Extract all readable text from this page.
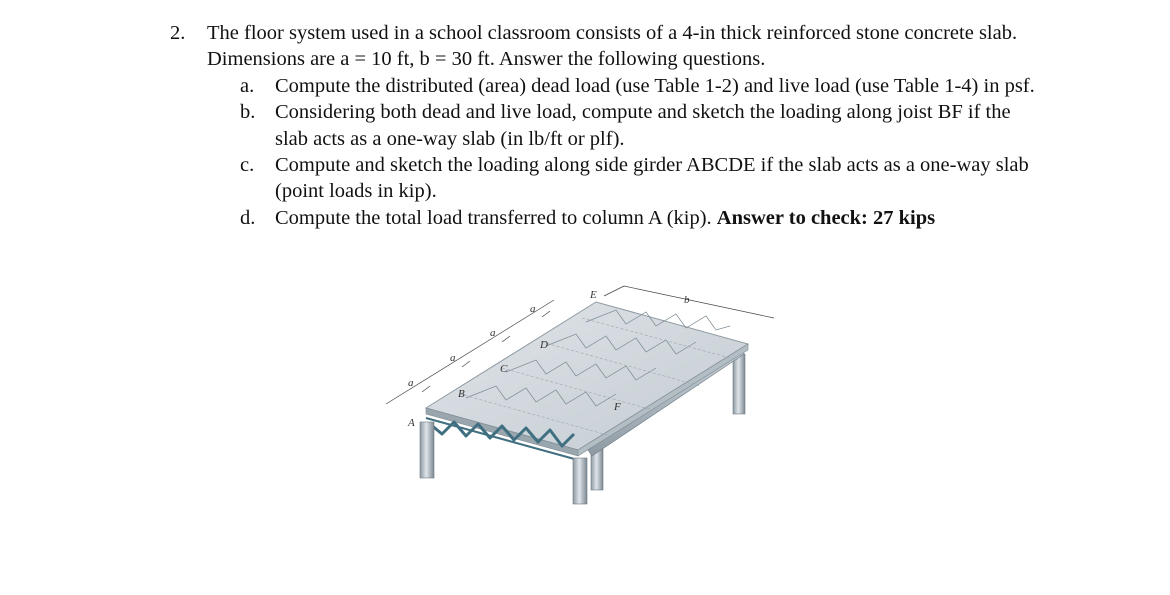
2.	The floor system used in a school classroom consists of a 4-in thick reinforced stone concrete slab. Dimensions are a = 10 ft, b = 30 ft. Answer the following questions.
a.	Compute the distributed (area) dead load (use Table 1-2) and live load (use Table 1-4) in psf.
b. Considering both dead and live load, compute and sketch the loading along joist BF if the slab acts as a one-way slab (in lb/ft or plf).
c.	Compute and sketch the loading along side girder ABCDE if the slab acts as a one-way slab (point loads in kip).
d. Compute the total load transferred to column A (kip). Answer to check: 27 kips
A
B
C
D
E
F
a
a
a
a
b
